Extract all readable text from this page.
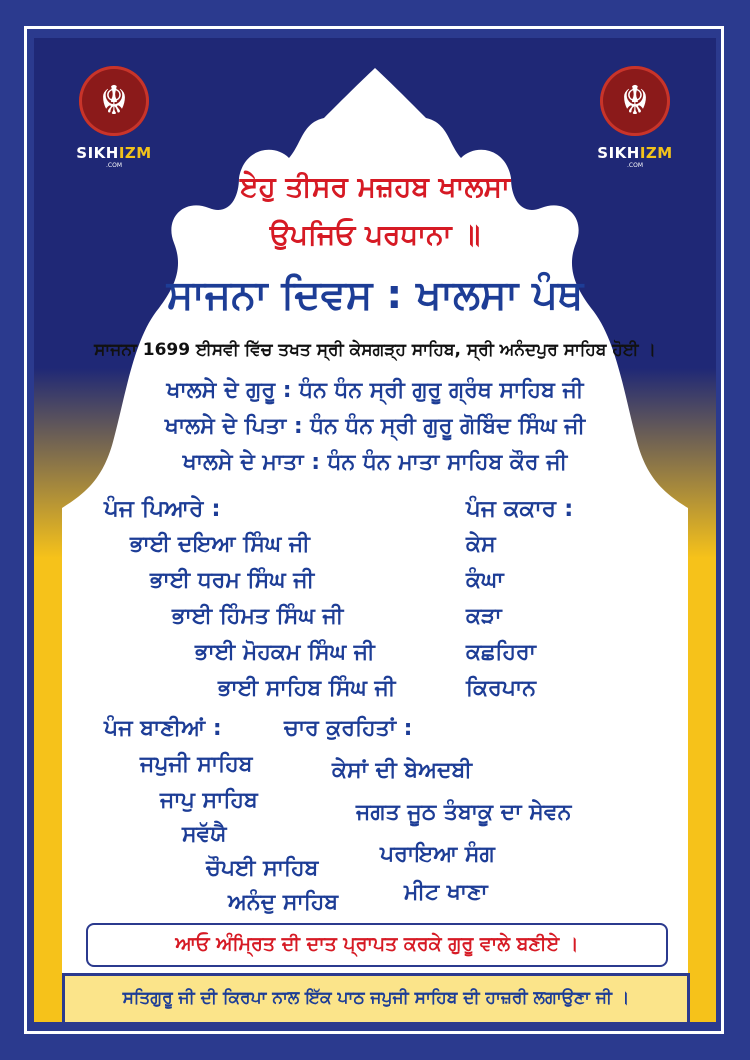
☬
SIKHIZM
.COM
☬
SIKHIZM
.COM
ਏਹੁ ਤੀਸਰ ਮਜ਼ਹਬ ਖਾਲਸਾ
ਉਪਜਿਓ ਪਰਧਾਨਾ ॥
ਸਾਜਨਾ ਦਿਵਸ : ਖਾਲਸਾ ਪੰਥ
ਸਾਜਨਾ 1699 ਈਸਵੀ ਵਿੱਚ ਤਖਤ ਸ੍ਰੀ ਕੇਸਗੜ੍ਹ ਸਾਹਿਬ, ਸ੍ਰੀ ਅਨੰਦਪੁਰ ਸਾਹਿਬ ਹੋਈ ।
ਖਾਲਸੇ ਦੇ ਗੁਰੂ : ਧੰਨ ਧੰਨ ਸ੍ਰੀ ਗੁਰੂ ਗ੍ਰੰਥ ਸਾਹਿਬ ਜੀ
ਖਾਲਸੇ ਦੇ ਪਿਤਾ : ਧੰਨ ਧੰਨ ਸ੍ਰੀ ਗੁਰੂ ਗੋਬਿੰਦ ਸਿੰਘ ਜੀ
ਖਾਲਸੇ ਦੇ ਮਾਤਾ : ਧੰਨ ਧੰਨ ਮਾਤਾ ਸਾਹਿਬ ਕੌਰ ਜੀ
ਪੰਜ ਪਿਆਰੇ :
ਭਾਈ ਦਇਆ ਸਿੰਘ ਜੀ
ਭਾਈ ਧਰਮ ਸਿੰਘ ਜੀ
ਭਾਈ ਹਿੰਮਤ ਸਿੰਘ ਜੀ
ਭਾਈ ਮੋਹਕਮ ਸਿੰਘ ਜੀ
ਭਾਈ ਸਾਹਿਬ ਸਿੰਘ ਜੀ
ਪੰਜ ਕਕਾਰ :
ਕੇਸ
ਕੰਘਾ
ਕੜਾ
ਕਛਹਿਰਾ
ਕਿਰਪਾਨ
ਪੰਜ ਬਾਣੀਆਂ :
ਜਪੁਜੀ ਸਾਹਿਬ
ਜਾਪੁ ਸਾਹਿਬ
ਸਵੱਯੈ
ਚੌਪਈ ਸਾਹਿਬ
ਅਨੰਦੁ ਸਾਹਿਬ
ਚਾਰ ਕੁਰਹਿਤਾਂ :
ਕੇਸਾਂ ਦੀ ਬੇਅਦਬੀ
ਜਗਤ ਜੂਠ ਤੰਬਾਕੂ ਦਾ ਸੇਵਨ
ਪਰਾਇਆ ਸੰਗ
ਮੀਟ ਖਾਣਾ
ਆਓ ਅੰਮ੍ਰਿਤ ਦੀ ਦਾਤ ਪ੍ਰਾਪਤ ਕਰਕੇ ਗੁਰੂ ਵਾਲੇ ਬਣੀਏ ।
ਸਤਿਗੁਰੂ ਜੀ ਦੀ ਕਿਰਪਾ ਨਾਲ ਇੱਕ ਪਾਠ ਜਪੁਜੀ ਸਾਹਿਬ ਦੀ ਹਾਜ਼ਰੀ ਲਗਾਉਣਾ ਜੀ ।
